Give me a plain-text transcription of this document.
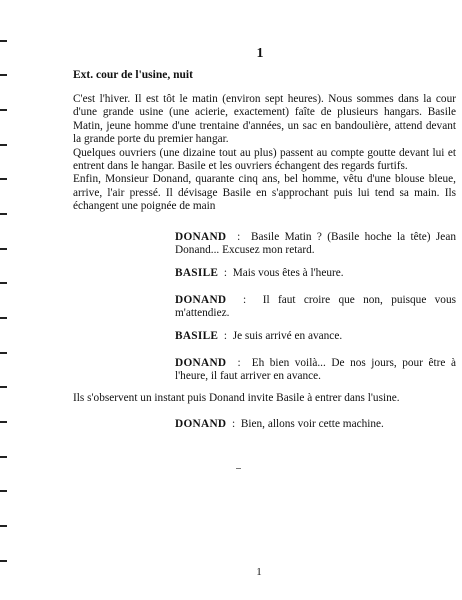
1
Ext. cour de l'usine, nuit

C'est l'hiver. Il est tôt le matin (environ sept heures). Nous sommes dans la cour d'une grande usine (une acierie, exactement) faîte de plusieurs hangars. Basile Matin, jeune homme d'une trentaine d'années, un sac en bandoulière, attend devant la grande porte du premier hangar.

Quelques ouvriers (une dizaine tout au plus) passent au compte goutte devant lui et entrent dans le hangar. Basile et les ouvriers échangent des regards furtifs.

Enfin, Monsieur Donand, quarante cinq ans, bel homme, vêtu d'une blouse bleue, arrive, l'air pressé. Il dévisage Basile en s'approchant puis lui tend sa main. Ils échangent une poignée de main

DONAND  :  Basile Matin ? (Basile hoche la tête) Jean Donand... Excusez mon retard.
BASILE  :  Mais vous êtes à l'heure.
DONAND  :  Il faut croire que non, puisque vous m'attendiez.
BASILE  :  Je suis arrivé en avance.
DONAND  :  Eh bien voilà... De nos jours, pour être à l'heure, il faut arriver en avance.

Ils s'observent un instant puis Donand invite Basile à entrer dans l'usine.

DONAND  :  Bien, allons voir cette machine.
1
